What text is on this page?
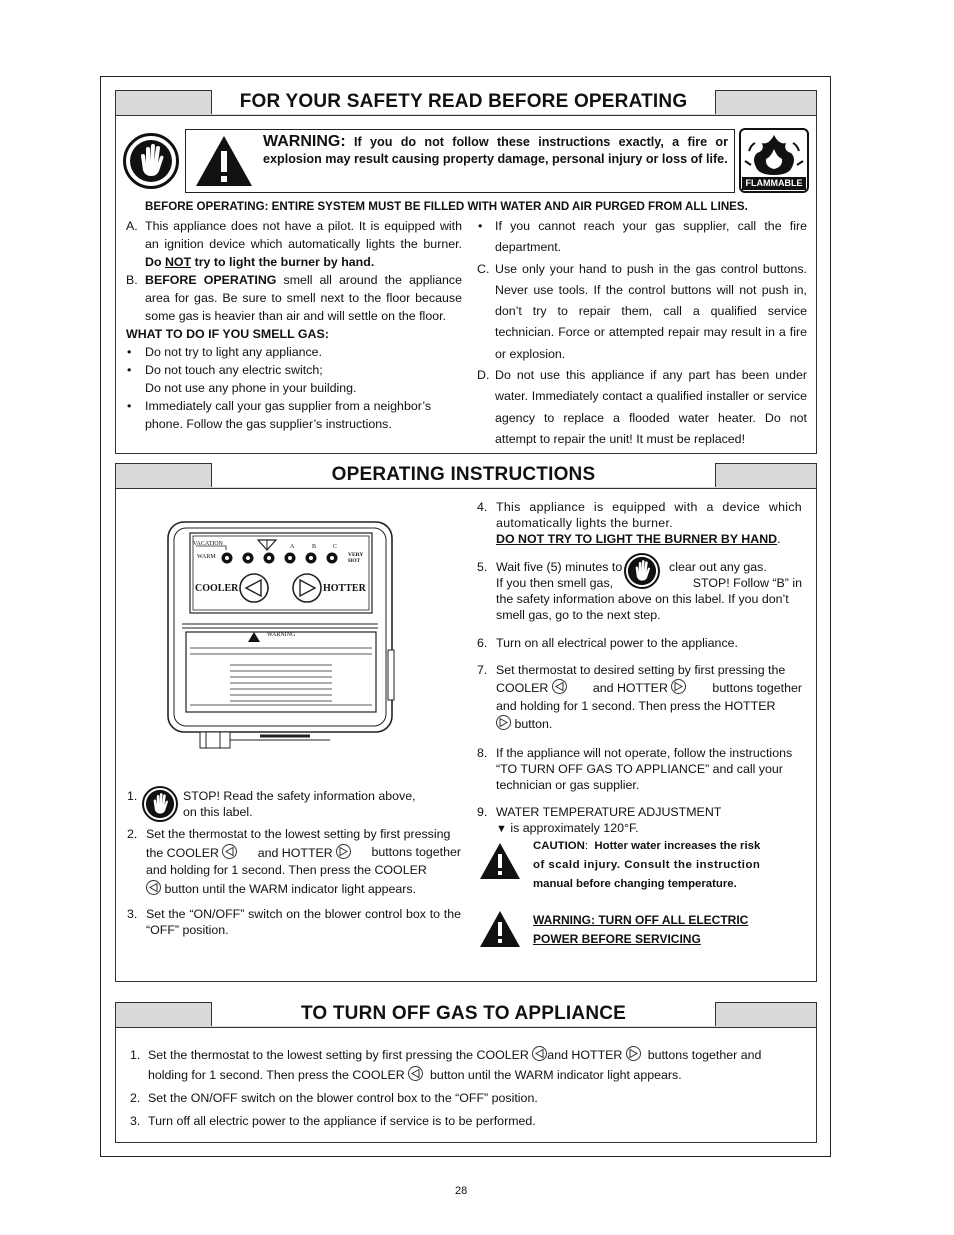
FOR YOUR SAFETY READ BEFORE OPERATING
WARNING: If you do not follow these instructions exactly, a fire or explosion may result causing property damage, personal injury or loss of life.
FLAMMABLE
BEFORE OPERATING: ENTIRE SYSTEM MUST BE FILLED WITH WATER AND AIR PURGED FROM ALL LINES.
A. This appliance does not have a pilot. It is equipped with an ignition device which automatically lights the burner. Do NOT try to light the burner by hand.
B. BEFORE OPERATING smell all around the appliance area for gas. Be sure to smell next to the floor because some gas is heavier than air and will settle on the floor.
WHAT TO DO IF YOU SMELL GAS:
• Do not try to light any appliance.
• Do not touch any electric switch;
Do not use any phone in your building.
• Immediately call your gas supplier from a neighbor’s phone. Follow the gas supplier’s instructions.
• If you cannot reach your gas supplier, call the fire department.
C. Use only your hand to push in the gas control buttons. Never use tools. If the control buttons will not push in, don’t try to repair them, call a qualified service technician. Force or attempted repair may result in a fire or explosion.
D. Do not use this appliance if any part has been under water. Immediately contact a qualified installer or service agency to replace a flooded water heater. Do not attempt to repair the unit! It must be replaced!
OPERATING INSTRUCTIONS
VACATION
WARM
A	B	C
VERY
HOT
COOLER	HOTTER
WARNING
1.	STOP! Read the safety information above,
on this label.
2. Set the thermostat to the lowest setting by first pressing
the COOLER	and HOTTER	buttons together
and holding for 1 second. Then press the COOLER
button until the WARM indicator light appears.
3. Set the “ON/OFF” switch on the blower control box to the “OFF” position.
4. This appliance is equipped with a device which automatically lights the burner.
DO NOT TRY TO LIGHT THE BURNER BY HAND.
5. Wait five (5) minutes to	clear out any gas.
If you then smell gas,	STOP! Follow “B” in
the safety information above on this label. If you don’t smell gas, go to the next step.
6. Turn on all electrical power to the appliance.
7. Set thermostat to desired setting by first pressing the
COOLER	and HOTTER	buttons together
and holding for 1 second. Then press the HOTTER
button.
8. If the appliance will not operate, follow the instructions “TO TURN OFF GAS TO APPLIANCE” and call your technician or gas supplier.
9. WATER TEMPERATURE ADJUSTMENT
▼ is approximately 120°F.
CAUTION: Hotter water increases the risk
of scald injury. Consult the instruction
manual before changing temperature.
WARNING: TURN OFF ALL ELECTRIC
POWER BEFORE SERVICING
TO TURN OFF GAS TO APPLIANCE
1. Set the thermostat to the lowest setting by first pressing the COOLER and HOTTER buttons together and
holding for 1 second. Then press the COOLER button until the WARM indicator light appears.
2. Set the ON/OFF switch on the blower control box to the “OFF” position.
3. Turn off all electric power to the appliance if service is to be performed.
28
